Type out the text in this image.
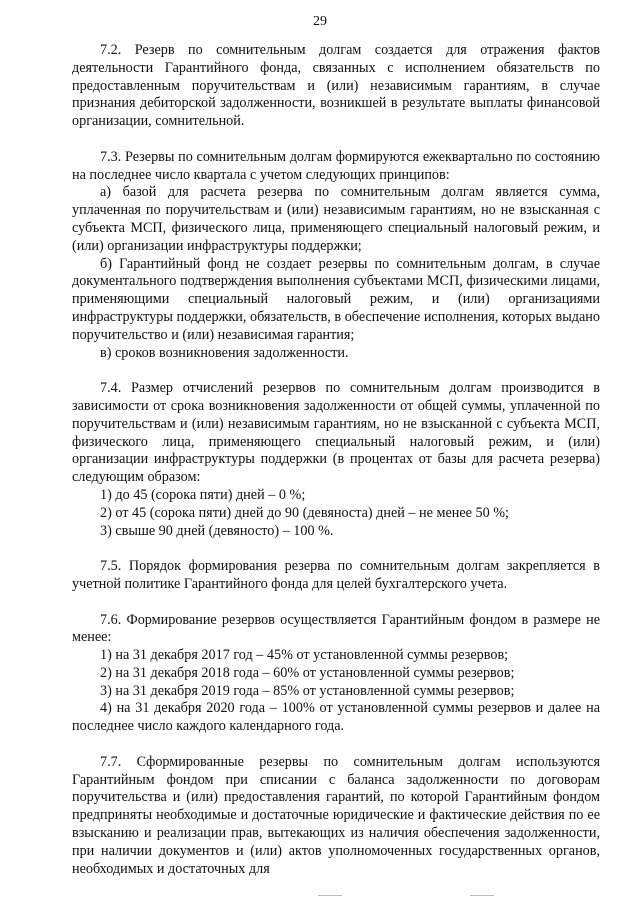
29

7.2. Резерв по сомнительным долгам создается для отражения фактов деятельности Гарантийного фонда, связанных с исполнением обязательств по предоставленным поручительствам и (или) независимым гарантиям, в случае признания дебиторской задолженности, возникшей в результате выплаты финансовой организации, сомнительной.

7.3. Резервы по сомнительным долгам формируются ежеквартально по состоянию на последнее число квартала с учетом следующих принципов:

а) базой для расчета резерва по сомнительным долгам является сумма, уплаченная по поручительствам и (или) независимым гарантиям, но не взысканная с субъекта МСП, физического лица, применяющего специальный налоговый режим, и (или) организации инфраструктуры поддержки;

б) Гарантийный фонд не создает резервы по сомнительным долгам, в случае документального подтверждения выполнения субъектами МСП, физическими лицами, применяющими специальный налоговый режим, и (или) организациями инфраструктуры поддержки, обязательств, в обеспечение исполнения, которых выдано поручительство и (или) независимая гарантия;

в) сроков возникновения задолженности.

7.4. Размер отчислений резервов по сомнительным долгам производится в зависимости от срока возникновения задолженности от общей суммы, уплаченной по поручительствам и (или) независимым гарантиям, но не взысканной с субъекта МСП, физического лица, применяющего специальный налоговый режим, и (или) организации инфраструктуры поддержки (в процентах от базы для расчета резерва) следующим образом:

1) до 45 (сорока пяти) дней – 0 %;

2) от 45 (сорока пяти) дней до 90 (девяноста) дней – не менее 50 %;

3) свыше 90 дней (девяносто) – 100 %.

7.5. Порядок формирования резерва по сомнительным долгам закрепляется в учетной политике Гарантийного фонда для целей бухгалтерского учета.

7.6. Формирование резервов осуществляется Гарантийным фондом в размере не менее:

1) на 31 декабря 2017 год – 45% от установленной суммы резервов;

2) на 31 декабря 2018 года – 60% от установленной суммы резервов;

3) на 31 декабря 2019 года – 85% от установленной суммы резервов;

4) на 31 декабря 2020 года – 100% от установленной суммы резервов и далее на последнее число каждого календарного года.

7.7. Сформированные резервы по сомнительным долгам используются Гарантийным фондом при списании с баланса задолженности по договорам поручительства и (или) предоставления гарантий, по которой Гарантийным фондом предприняты необходимые и достаточные юридические и фактические действия по ее взысканию и реализации прав, вытекающих из наличия обеспечения задолженности, при наличии документов и (или) актов уполномоченных государственных органов, необходимых и достаточных для
